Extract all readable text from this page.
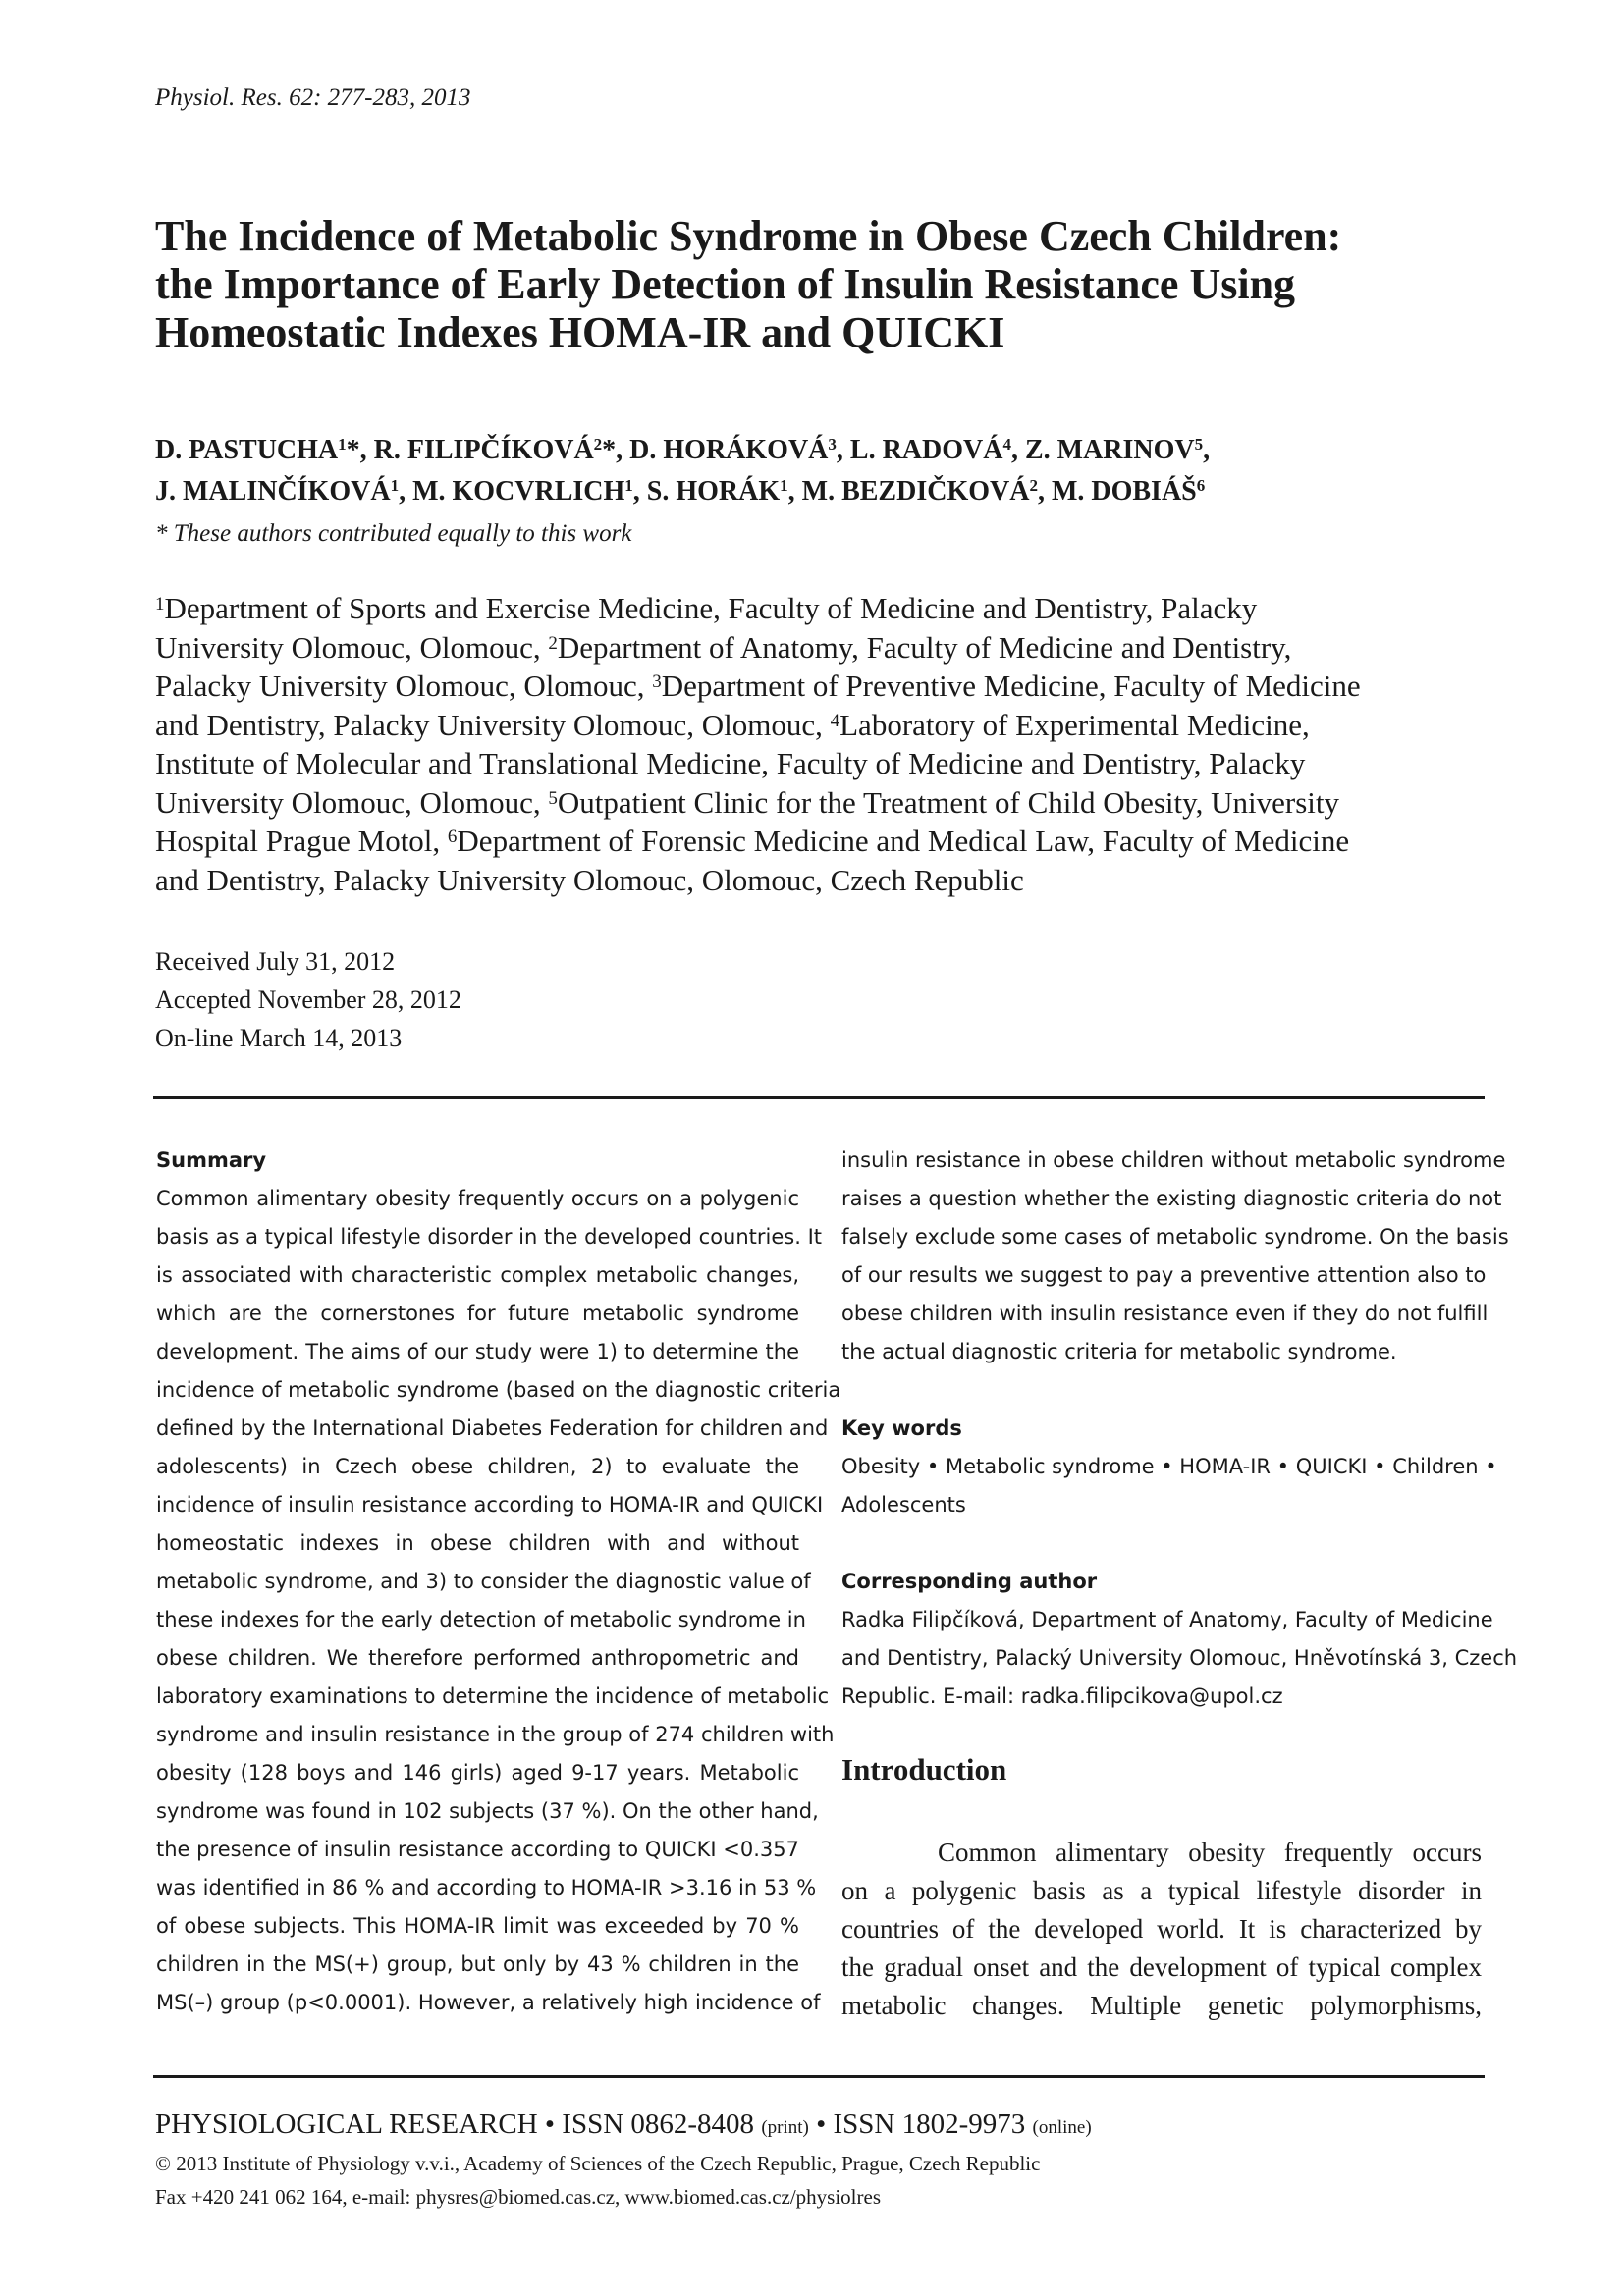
Physiol. Res. 62: 277-283, 2013
The Incidence of Metabolic Syndrome in Obese Czech Children:
the Importance of Early Detection of Insulin Resistance Using
Homeostatic Indexes HOMA-IR and QUICKI
D. PASTUCHA$^1$*, R. FILIPČÍKOVÁ$^2$*, D. HORÁKOVÁ$^3$, L. RADOVÁ$^4$, Z. MARINOV$^5$,
J. MALINČÍKOVÁ$^1$, M. KOCVRLICH$^1$, S. HORÁK$^1$, M. BEZDIČKOVÁ$^2$, M. DOBIÁŠ$^6$
* These authors contributed equally to this work
$^1$Department of Sports and Exercise Medicine, Faculty of Medicine and Dentistry, Palacky
University Olomouc, Olomouc, $^2$Department of Anatomy, Faculty of Medicine and Dentistry,
Palacky University Olomouc, Olomouc, $^3$Department of Preventive Medicine, Faculty of Medicine
and Dentistry, Palacky University Olomouc, Olomouc, $^4$Laboratory of Experimental Medicine,
Institute of Molecular and Translational Medicine, Faculty of Medicine and Dentistry, Palacky
University Olomouc, Olomouc, $^5$Outpatient Clinic for the Treatment of Child Obesity, University
Hospital Prague Motol, $^6$Department of Forensic Medicine and Medical Law, Faculty of Medicine
and Dentistry, Palacky University Olomouc, Olomouc, Czech Republic
Received July 31, 2012
Accepted November 28, 2012
On-line March 14, 2013
Summary
Common alimentary obesity frequently occurs on a polygenic
basis as a typical lifestyle disorder in the developed countries. It
is associated with characteristic complex metabolic changes,
which are the cornerstones for future metabolic syndrome
development. The aims of our study were 1) to determine the
incidence of metabolic syndrome (based on the diagnostic criteria
defined by the International Diabetes Federation for children and
adolescents) in Czech obese children, 2) to evaluate the
incidence of insulin resistance according to HOMA-IR and QUICKI
homeostatic indexes in obese children with and without
metabolic syndrome, and 3) to consider the diagnostic value of
these indexes for the early detection of metabolic syndrome in
obese children. We therefore performed anthropometric and
laboratory examinations to determine the incidence of metabolic
syndrome and insulin resistance in the group of 274 children with
obesity (128 boys and 146 girls) aged 9-17 years. Metabolic
syndrome was found in 102 subjects (37 %). On the other hand,
the presence of insulin resistance according to QUICKI <0.357
was identified in 86 % and according to HOMA-IR >3.16 in 53 %
of obese subjects. This HOMA-IR limit was exceeded by 70 %
children in the MS(+) group, but only by 43 % children in the
MS(–) group (p<0.0001). However, a relatively high incidence of
insulin resistance in obese children without metabolic syndrome
raises a question whether the existing diagnostic criteria do not
falsely exclude some cases of metabolic syndrome. On the basis
of our results we suggest to pay a preventive attention also to
obese children with insulin resistance even if they do not fulfill
the actual diagnostic criteria for metabolic syndrome.
Key words
Obesity • Metabolic syndrome • HOMA-IR • QUICKI • Children •
Adolescents
Corresponding author
Radka Filipčíková, Department of Anatomy, Faculty of Medicine
and Dentistry, Palacký University Olomouc, Hněvotínská 3, Czech
Republic. E-mail: radka.filipcikova@upol.cz
Introduction
Common alimentary obesity frequently occurs
on a polygenic basis as a typical lifestyle disorder in
countries of the developed world. It is characterized by
the gradual onset and the development of typical complex
metabolic changes. Multiple genetic polymorphisms,
PHYSIOLOGICAL RESEARCH • ISSN 0862-8408 (print) • ISSN 1802-9973 (online)
© 2013 Institute of Physiology v.v.i., Academy of Sciences of the Czech Republic, Prague, Czech Republic
Fax +420 241 062 164, e-mail: physres@biomed.cas.cz, www.biomed.cas.cz/physiolres
